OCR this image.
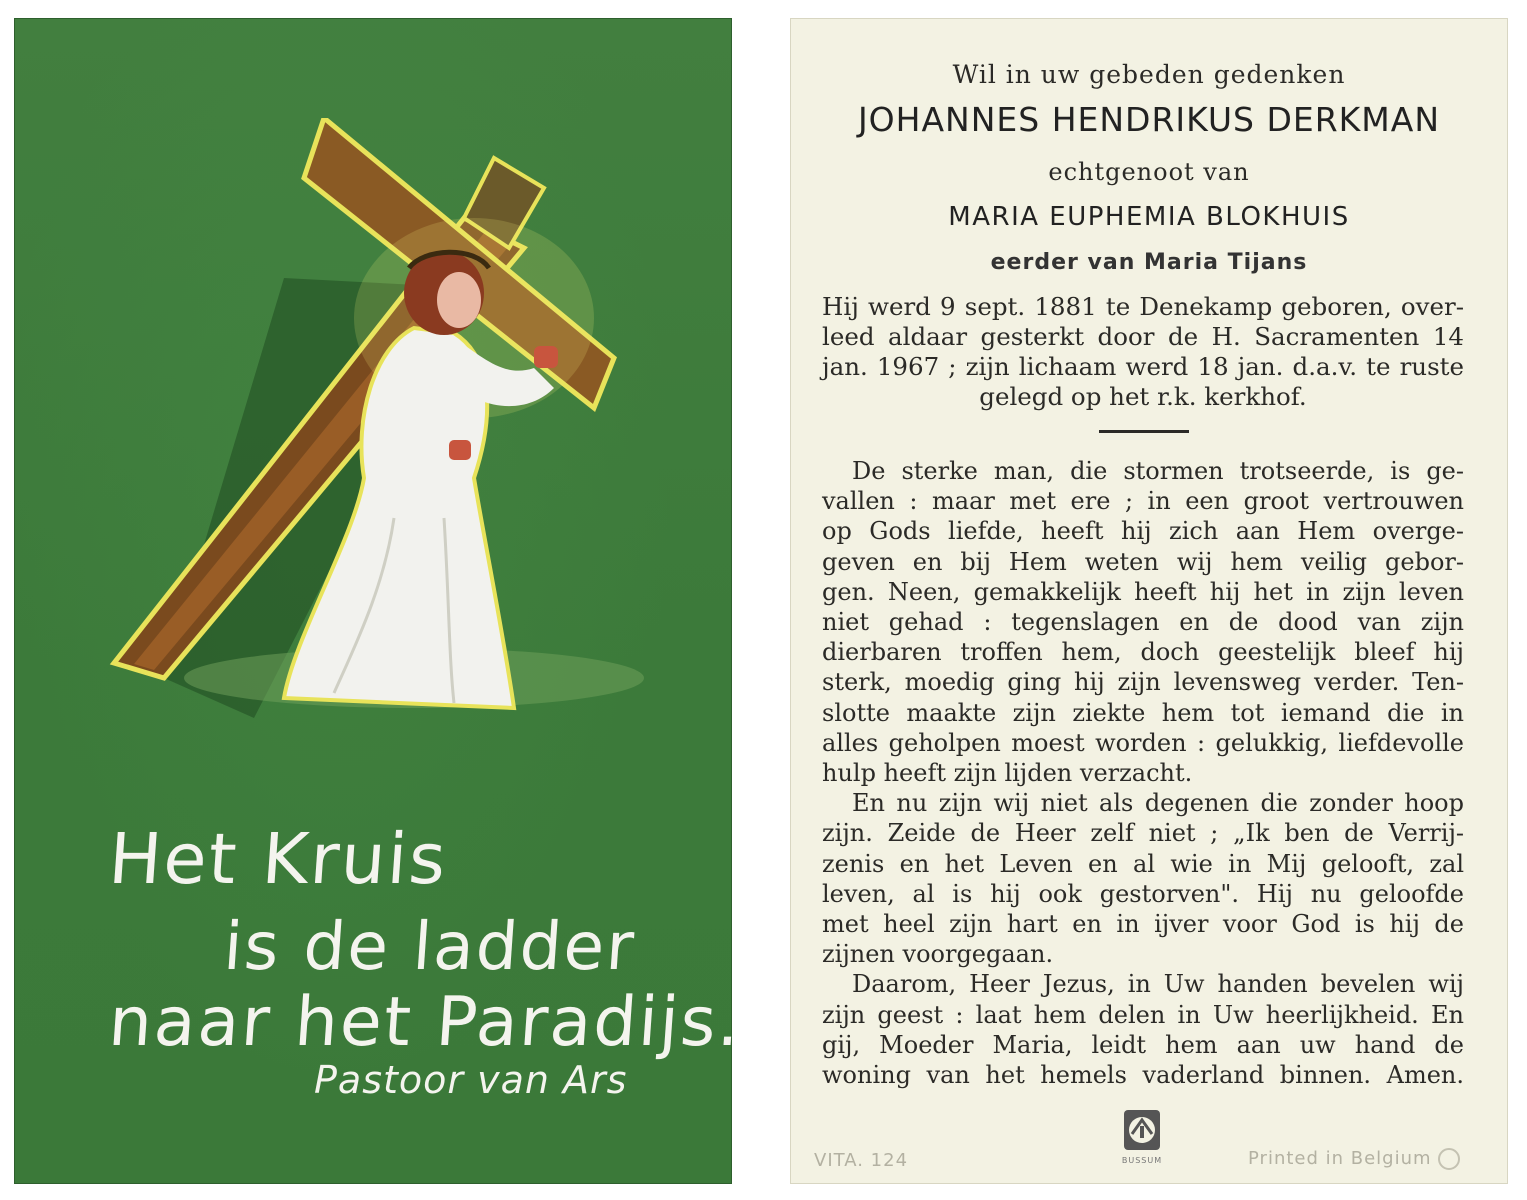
Het Kruis
is de ladder
naar het Paradijs.
Pastoor van Ars
Wil in uw gebeden gedenken
JOHANNES HENDRIKUS DERKMAN
echtgenoot van
MARIA EUPHEMIA BLOKHUIS
eerder van Maria Tijans
Hij werd 9 sept. 1881 te Denekamp geboren, over-
leed aldaar gesterkt door de H. Sacramenten 14
jan. 1967 ; zijn lichaam werd 18 jan. d.a.v. te ruste
gelegd op het r.k. kerkhof.
De sterke man, die stormen trotseerde, is ge-
vallen : maar met ere ; in een groot vertrouwen
op Gods liefde, heeft hij zich aan Hem overge-
geven en bij Hem weten wij hem veilig gebor-
gen. Neen, gemakkelijk heeft hij het in zijn leven
niet gehad : tegenslagen en de dood van zijn
dierbaren troffen hem, doch geestelijk bleef hij
sterk, moedig ging hij zijn levensweg verder. Ten-
slotte maakte zijn ziekte hem tot iemand die in
alles geholpen moest worden : gelukkig, liefdevolle
hulp heeft zijn lijden verzacht.
En nu zijn wij niet als degenen die zonder hoop
zijn. Zeide de Heer zelf niet ; „Ik ben de Verrij-
zenis en het Leven en al wie in Mij gelooft, zal
leven, al is hij ook gestorven". Hij nu geloofde
met heel zijn hart en in ijver voor God is hij de
zijnen voorgegaan.
Daarom, Heer Jezus, in Uw handen bevelen wij
zijn geest : laat hem delen in Uw heerlijkheid. En
gij, Moeder Maria, leidt hem aan uw hand de
woning van het hemels vaderland binnen. Amen.
VITA. 124	BUSSUM	Printed in Belgium
